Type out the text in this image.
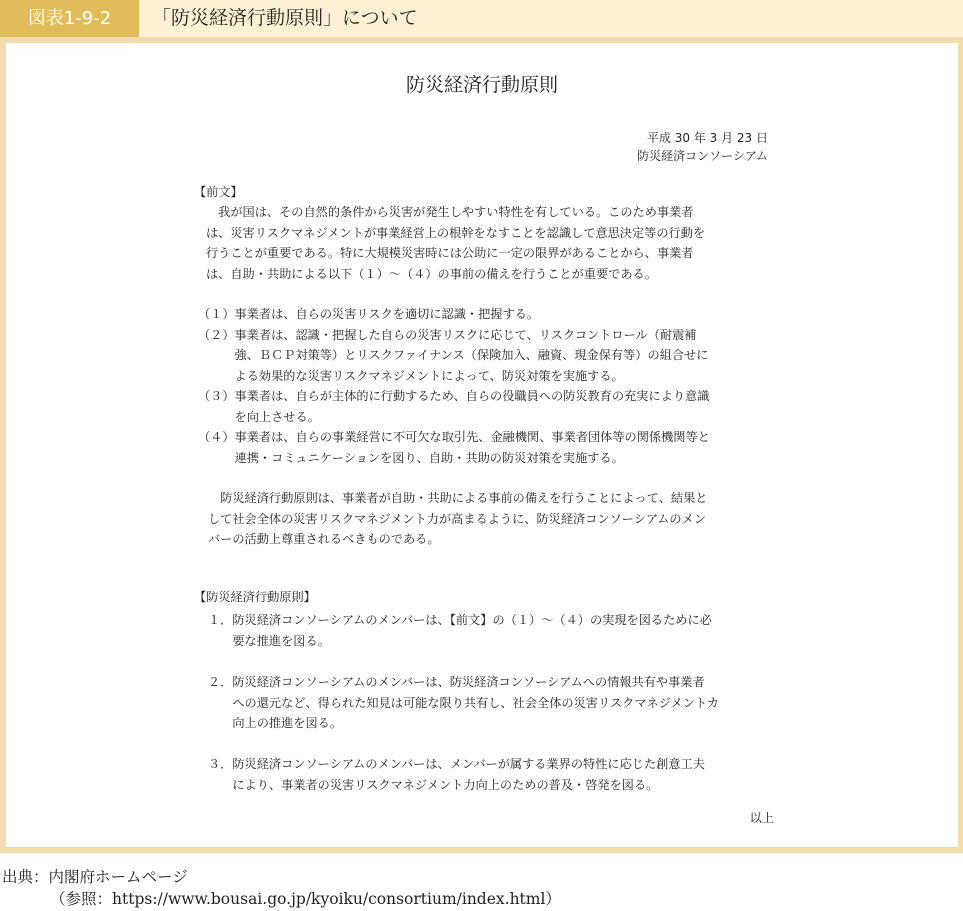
図表1-9-2	「防災経済行動原則」について
防災経済行動原則
平成 30 年 3 月 23 日
防災経済コンソーシアム
【前文】
　我が国は、その自然的条件から災害が発生しやすい特性を有している。このため事業者
は、災害リスクマネジメントが事業経営上の根幹をなすことを認識して意思決定等の行動を
行うことが重要である。特に大規模災害時には公助に一定の限界があることから、事業者
は、自助・共助による以下（１）～（４）の事前の備えを行うことが重要である。
（１）事業者は、自らの災害リスクを適切に認識・把握する。
（２）事業者は、認識・把握した自らの災害リスクに応じて、リスクコントロール（耐震補
　　　強、ＢＣＰ対策等）とリスクファイナンス（保険加入、融資、現金保有等）の組合せに
　　　よる効果的な災害リスクマネジメントによって、防災対策を実施する。
（３）事業者は、自らが主体的に行動するため、自らの役職員への防災教育の充実により意識
　　　を向上させる。
（４）事業者は、自らの事業経営に不可欠な取引先、金融機関、事業者団体等の関係機関等と
　　　連携・コミュニケーションを図り、自助・共助の防災対策を実施する。
　防災経済行動原則は、事業者が自助・共助による事前の備えを行うことによって、結果と
して社会全体の災害リスクマネジメント力が高まるように、防災経済コンソーシアムのメン
バーの活動上尊重されるべきものである。
【防災経済行動原則】
１．防災経済コンソーシアムのメンバーは、【前文】の（１）～（４）の実現を図るために必
　　要な推進を図る。
２．防災経済コンソーシアムのメンバーは、防災経済コンソーシアムへの情報共有や事業者
　　への還元など、得られた知見は可能な限り共有し、社会全体の災害リスクマネジメントカ
　　向上の推進を図る。
３．防災経済コンソーシアムのメンバーは、メンバーが属する業界の特性に応じた創意工夫
　　により、事業者の災害リスクマネジメント力向上のための普及・啓発を図る。
以上
出典：内閣府ホームページ
（参照：https://www.bousai.go.jp/kyoiku/consortium/index.html）
